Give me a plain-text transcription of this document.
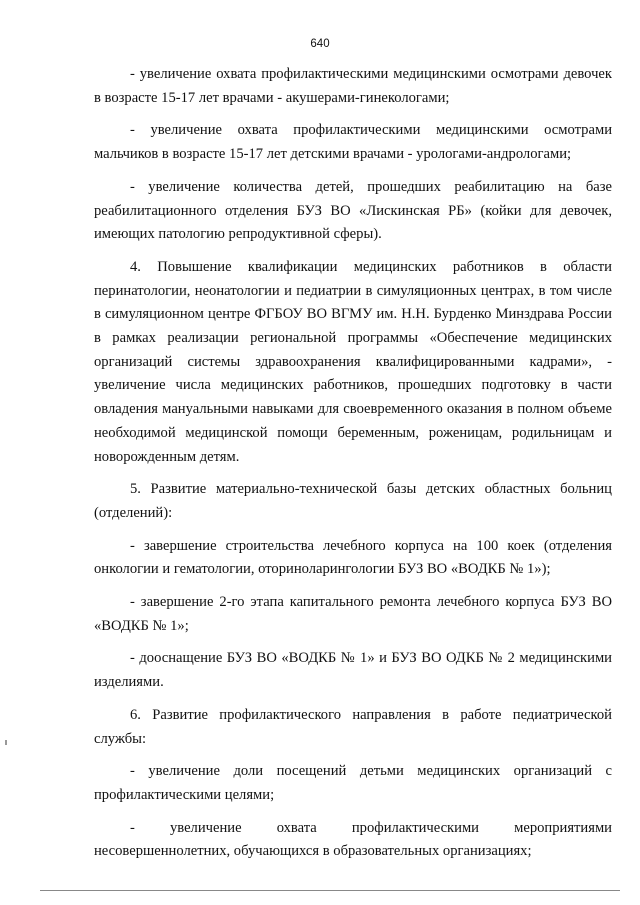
640

- увеличение охвата профилактическими медицинскими осмотрами девочек в возрасте 15-17 лет врачами - акушерами-гинекологами;

- увеличение охвата профилактическими медицинскими осмотрами мальчиков в возрасте 15-17 лет детскими врачами - урологами-андрологами;

- увеличение количества детей, прошедших реабилитацию на базе реабилитационного отделения БУЗ ВО «Лискинская РБ» (койки для девочек, имеющих патологию репродуктивной сферы).

4. Повышение квалификации медицинских работников в области перинатологии, неонатологии и педиатрии в симуляционных центрах, в том числе в симуляционном центре ФГБОУ ВО ВГМУ им. Н.Н. Бурденко Минздрава России в рамках реализации региональной программы «Обеспечение медицинских организаций системы здравоохранения квалифицированными кадрами», - увеличение числа медицинских работников, прошедших подготовку в части овладения мануальными навыками для своевременного оказания в полном объеме необходимой медицинской помощи беременным, роженицам, родильницам и новорожденным детям.

5. Развитие материально-технической базы детских областных больниц (отделений):

- завершение строительства лечебного корпуса на 100 коек (отделения онкологии и гематологии, оториноларингологии БУЗ ВО «ВОДКБ № 1»);

- завершение 2-го этапа капитального ремонта лечебного корпуса БУЗ ВО «ВОДКБ № 1»;

- дооснащение БУЗ ВО «ВОДКБ № 1» и БУЗ ВО ОДКБ № 2 медицинскими изделиями.

6. Развитие профилактического направления в работе педиатрической службы:

- увеличение доли посещений детьми медицинских организаций с профилактическими целями;

- увеличение охвата профилактическими мероприятиями несовершеннолетних, обучающихся в образовательных организациях;
